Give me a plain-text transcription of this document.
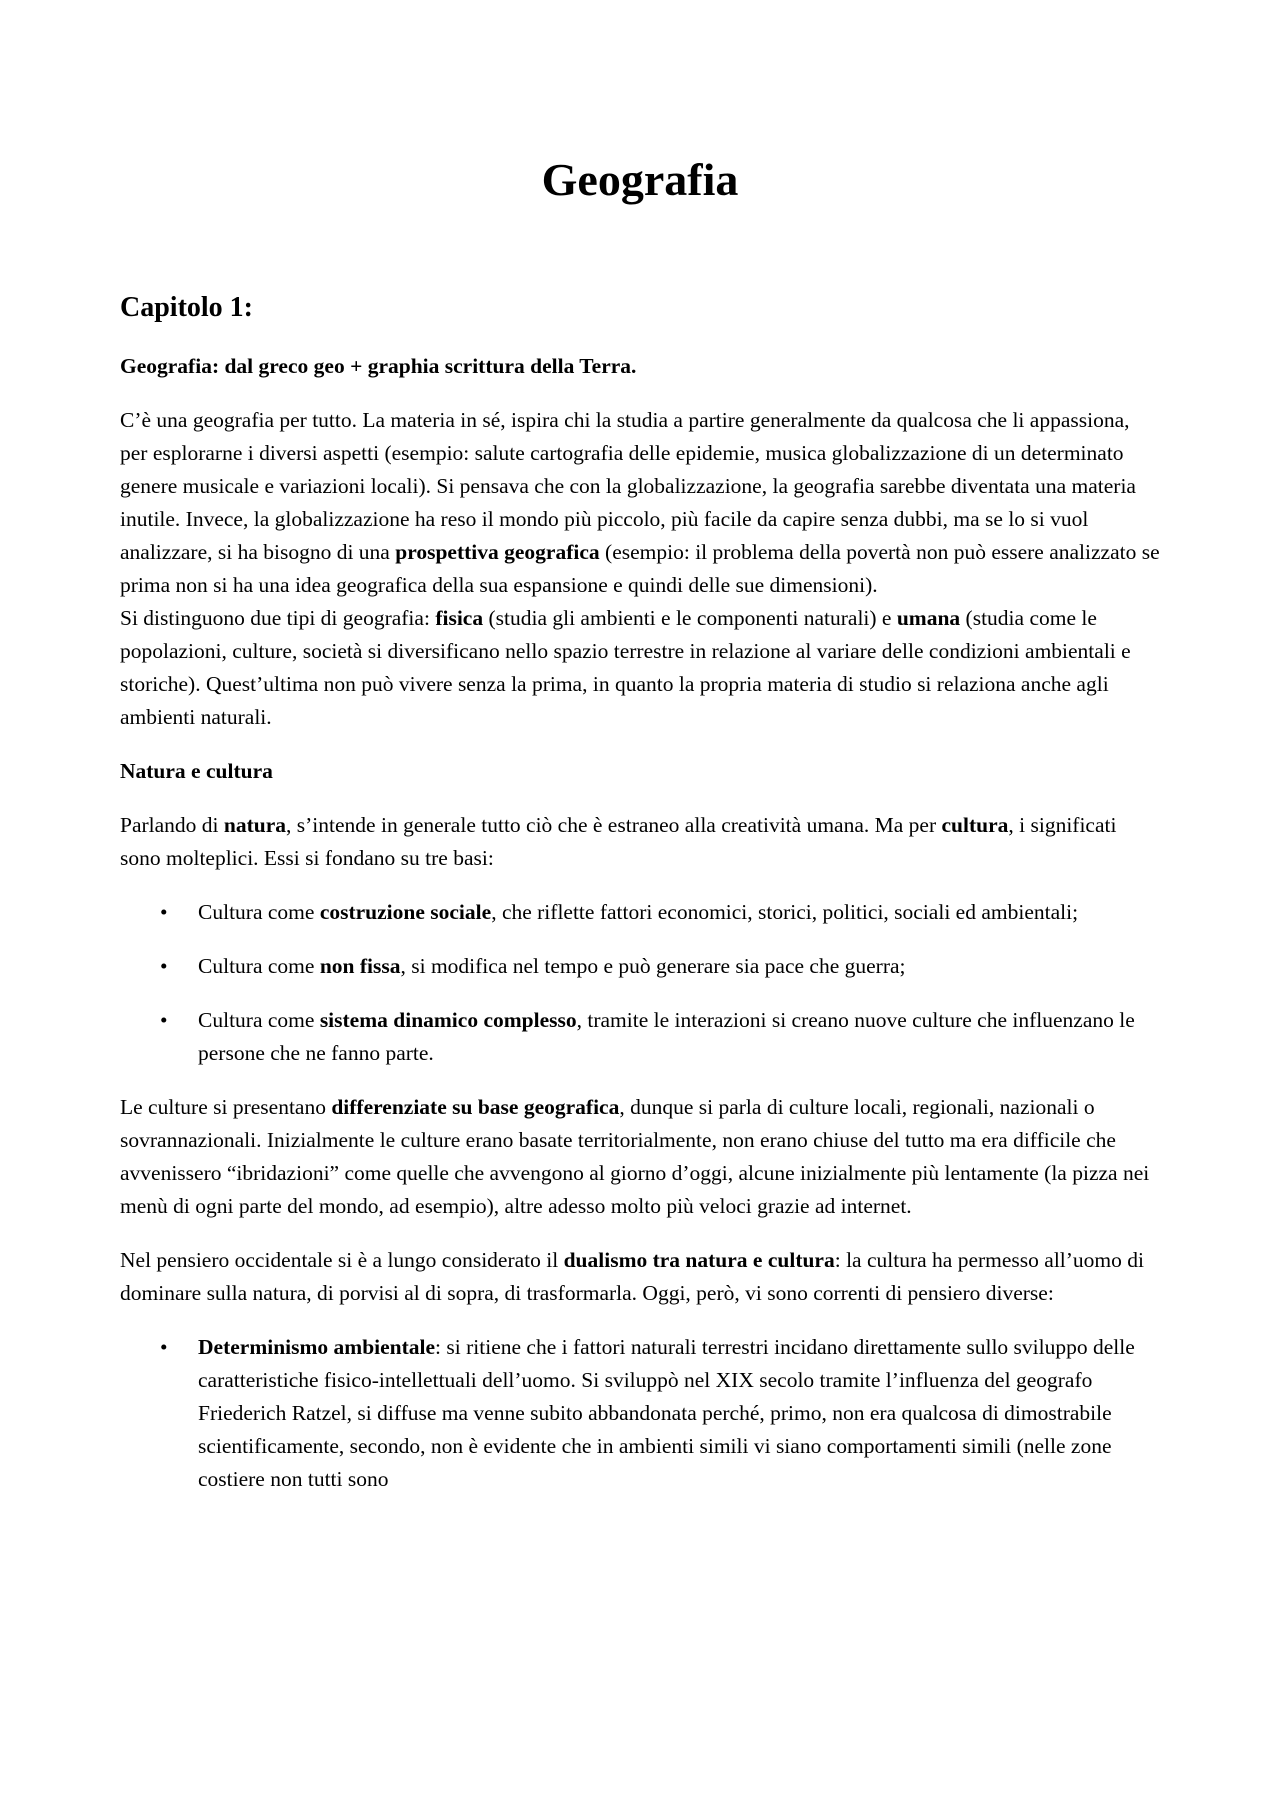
Geografia
Capitolo 1:

Geografia: dal greco geo + graphia scrittura della Terra.

C’è una geografia per tutto. La materia in sé, ispira chi la studia a partire generalmente da qualcosa che li appassiona, per esplorarne i diversi aspetti (esempio: salute cartografia delle epidemie, musica globalizzazione di un determinato genere musicale e variazioni locali). Si pensava che con la globalizzazione, la geografia sarebbe diventata una materia inutile. Invece, la globalizzazione ha reso il mondo più piccolo, più facile da capire senza dubbi, ma se lo si vuol analizzare, si ha bisogno di una prospettiva geografica (esempio: il problema della povertà non può essere analizzato se prima non si ha una idea geografica della sua espansione e quindi delle sue dimensioni).

Si distinguono due tipi di geografia: fisica (studia gli ambienti e le componenti naturali) e umana (studia come le popolazioni, culture, società si diversificano nello spazio terrestre in relazione al variare delle condizioni ambientali e storiche). Quest’ultima non può vivere senza la prima, in quanto la propria materia di studio si relaziona anche agli ambienti naturali.

Natura e cultura

Parlando di natura, s’intende in generale tutto ciò che è estraneo alla creatività umana. Ma per cultura, i significati sono molteplici. Essi si fondano su tre basi:

• Cultura come costruzione sociale, che riflette fattori economici, storici, politici, sociali ed ambientali;
• Cultura come non fissa, si modifica nel tempo e può generare sia pace che guerra;
• Cultura come sistema dinamico complesso, tramite le interazioni si creano nuove culture che influenzano le persone che ne fanno parte.

Le culture si presentano differenziate su base geografica, dunque si parla di culture locali, regionali, nazionali o sovrannazionali. Inizialmente le culture erano basate territorialmente, non erano chiuse del tutto ma era difficile che avvenissero “ibridazioni” come quelle che avvengono al giorno d’oggi, alcune inizialmente più lentamente (la pizza nei menù di ogni parte del mondo, ad esempio), altre adesso molto più veloci grazie ad internet.

Nel pensiero occidentale si è a lungo considerato il dualismo tra natura e cultura: la cultura ha permesso all’uomo di dominare sulla natura, di porvisi al di sopra, di trasformarla. Oggi, però, vi sono correnti di pensiero diverse:

• Determinismo ambientale: si ritiene che i fattori naturali terrestri incidano direttamente sullo sviluppo delle caratteristiche fisico-intellettuali dell’uomo. Si sviluppò nel XIX secolo tramite l’influenza del geografo Friederich Ratzel, si diffuse ma venne subito abbandonata perché, primo, non era qualcosa di dimostrabile scientificamente, secondo, non è evidente che in ambienti simili vi siano comportamenti simili (nelle zone costiere non tutti sono
